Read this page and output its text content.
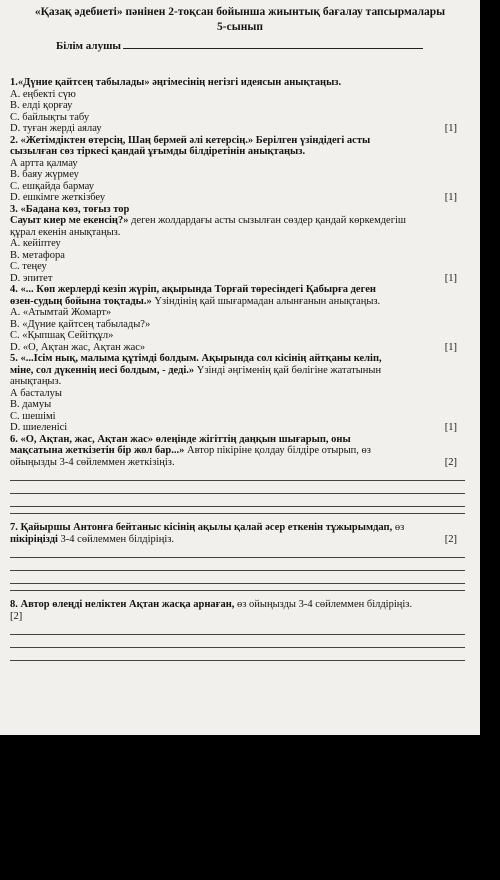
«Қазақ әдебиеті» пәнінен 2-тоқсан бойынша жиынтық бағалау тапсырмалары
5-сынып
Білім алушы
1.«Дүние қайтсең табылады» әңгімесінің негізгі идеясын анықтаңыз.
А. еңбекті сүю
В. елді қорғау
С. байлықты табу
D. туған жерді аялау	[1]
2. «Жетімдіктен өтерсің, Шаң бермей әлі кетерсің.» Берілген үзіндідегі асты
сызылған сөз тіркесі қандай ұғымды білдіретінін анықтаңыз.
А артта қалмау
В. баяу жүрмеу
С. ешқайда бармау
D. ешкімге жеткізбеу	[1]
3. «Бадана көз, тоғыз тор
Сауыт киер ме екенсің?» деген жолдардағы асты сызылған сөздер қандай көркемдегіш
құрал екенін анықтаңыз.
А. кейіптеу
В. метафора
С. теңеу
D. эпитет	[1]
4. «... Көп жерлерді кезіп жүріп, ақырында Торғай төресіндегі Қабырға деген
өзен-судың бойына тоқтады.» Үзіндінің қай шығармадан алынғанын анықтаңыз.
А. «Атымтай Жомарт»
В. «Дүние қайтсең табылады?»
С. «Қыпшақ Сейітқұл»
D. «О, Ақтан жас, Ақтан жас»	[1]
5. «...Ісім нық, малыма құтімді болдым. Ақырында сол кісінің айтқаны келіп,
міне, сол дүкеннің иесі болдым, - деді.» Үзінді әңгіменің қай бөлігіне жататынын
анықтаңыз.
А басталуы
В. дамуы
С. шешімі
D. шиеленісі	[1]
6. «О, Ақтан, жас, Ақтан жас» өлеңінде жігіттің даңқын шығарып, оны
мақсатына жеткізетін бір жол бар...» Автор пікіріне қолдау білдіре отырып, өз
ойыңызды 3-4 сөйлеммен жеткізіңіз.	[2]
7. Қайыршы Антонға бейтаныс кісінің ақылы қалай әсер еткенін тұжырымдап, өз
пікіріңізді 3-4 сөйлеммен білдіріңіз.	[2]
8. Автор өлеңді неліктен Ақтан жасқа арнаған, өз ойыңызды 3-4 сөйлеммен білдіріңіз.
[2]
